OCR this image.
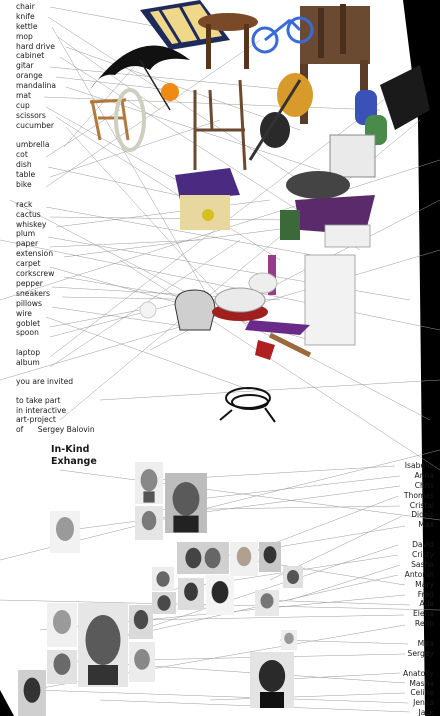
chair
knife
kettle
mop
hard drive
cabinet
gitar
orange
mandalina
mat
cup
scissors
cucumber
umbrella
cot
dish
table
bike
rack
cactus
whiskey
plum
paper
extension
carpet
corkscrew
pepper
sneakers
pillows
wire
goblet
spoon
laptop
album
you are invited
to take part
in interactive
art-project
of      Sergey Balovin
In-Kind
Exhange	Isabelle
Anna
Chris
Thomas
Cristal
Didsis
Max
David
Cristy
Sasha
Antonin
Mary
Fred
Ada
Elena
Reno
Mira
Sergey
Anatoliy
Masha
Celine
Jenya
Jack
